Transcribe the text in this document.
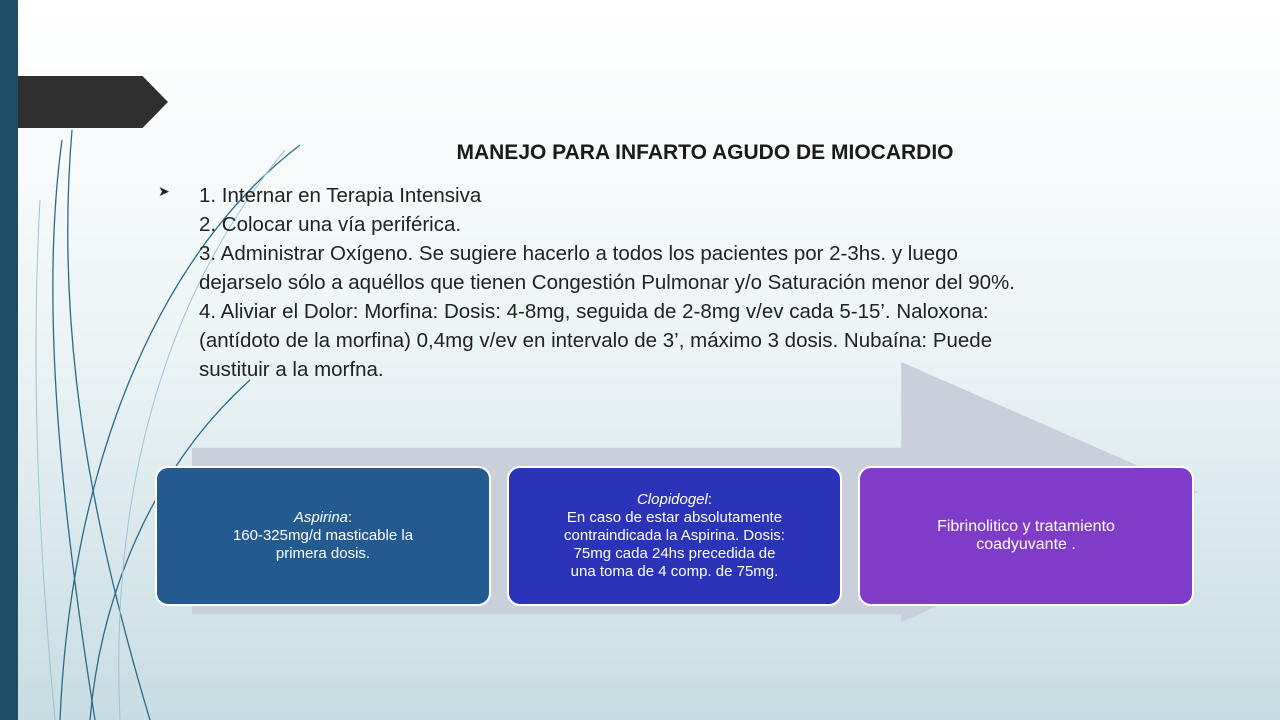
MANEJO PARA INFARTO AGUDO DE MIOCARDIO
➤ 1. Internar en Terapia Intensiva
2. Colocar una vía periférica.
3. Administrar Oxígeno. Se sugiere hacerlo a todos los pacientes por 2-3hs. y luego
dejarselo sólo a aquéllos que tienen Congestión Pulmonar y/o Saturación menor del 90%.
4. Aliviar el Dolor: Morfina: Dosis: 4-8mg, seguida de 2-8mg v/ev cada 5-15’. Naloxona:
(antídoto de la morfina) 0,4mg v/ev en intervalo de 3’, máximo 3 dosis. Nubaína: Puede
sustituir a la morfna.
Aspirina:
160-325mg/d masticable la
primera dosis.
Clopidogel:
En caso de estar absolutamente
contraindicada la Aspirina. Dosis:
75mg cada 24hs precedida de
una toma de 4 comp. de 75mg.
Fibrinolitico y tratamiento
coadyuvante .
